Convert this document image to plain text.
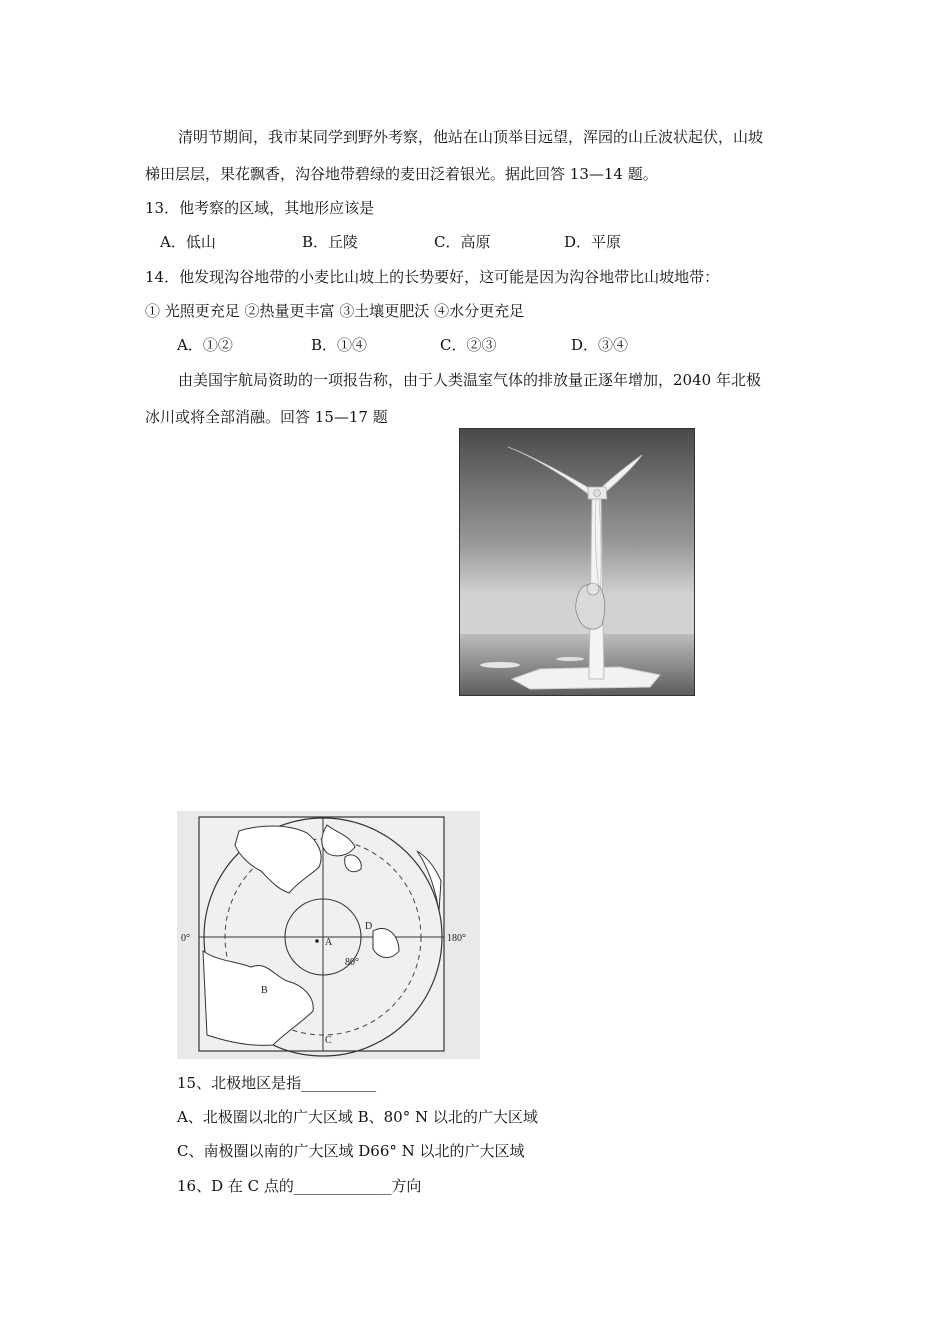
清明节期间，我市某同学到野外考察，他站在山顶举目远望，浑园的山丘波状起伏，山坡
梯田层层，果花飘香，沟谷地带碧绿的麦田泛着银光。据此回答 13—14 题。
13．他考察的区域，其地形应该是
A．低山	B．丘陵	C．高原	D．平原
14．他发现沟谷地带的小麦比山坡上的长势要好，这可能是因为沟谷地带比山坡地带：
① 光照更充足 ②热量更丰富 ③土壤更肥沃 ④水分更充足
A．①②	B．①④	C．②③	D．③④
由美国宇航局资助的一项报告称，由于人类温室气体的排放量正逐年增加，2040 年北极
冰川或将全部消融。回答 15—17 题
A
B
C
D
80°
0°	180°
15、北极地区是指__________
A、北极圈以北的广大区域 B、80° N 以北的广大区域
C、南极圈以南的广大区域 D66° N 以北的广大区域
16、D 在 C 点的_____________方向
